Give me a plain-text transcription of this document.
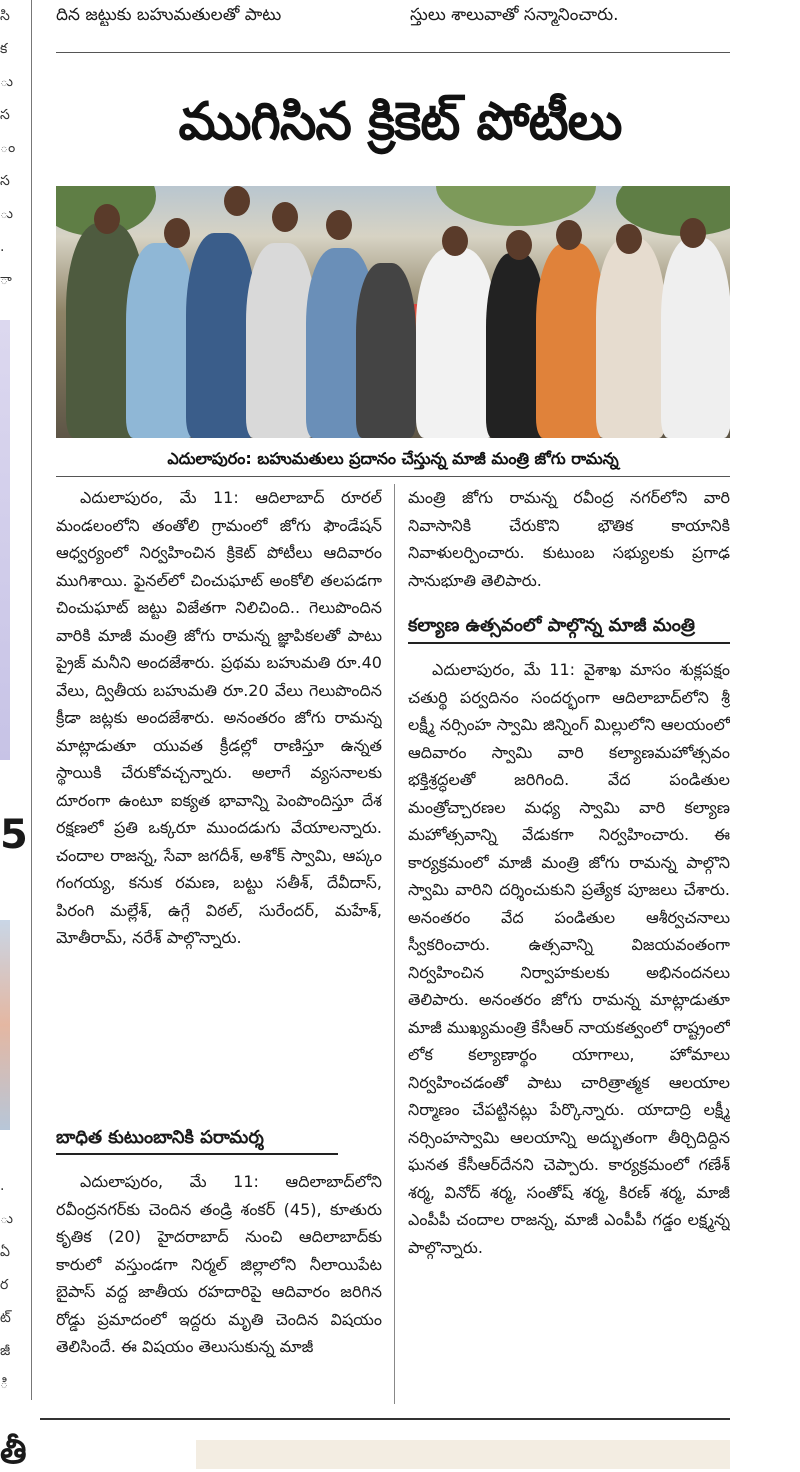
దిన జట్టుకు బహుమతులతో పాటు	స్తులు శాలువాతో సన్మానించారు.
సి
క
ు
స
ం
స
ు
.
ా
5
.
ు
ఏ
ర
ట్
జీ
ి
ముగిసిన క్రికెట్ పోటీలు
ఎదులాపురం: బహుమతులు ప్రదానం చేస్తున్న మాజీ మంత్రి జోగు రామన్న

ఎదులాపురం, మే 11: ఆదిలాబాద్ రూరల్ మండలంలోని తంతోలి గ్రామంలో జోగు ఫౌండేషన్ ఆధ్వర్యంలో నిర్వహించిన క్రికెట్ పోటీలు ఆదివారం ముగిశాయి. ఫైనల్‌లో చించుఘాట్ అంకోలి తలపడగా చించుఘాట్ జట్టు విజేతగా నిలిచింది.. గెలుపొందిన వారికి మాజీ మంత్రి జోగు రామన్న జ్ఞాపికలతో పాటు ప్రైజ్ మనీని అందజేశారు. ప్రథమ బహుమతి రూ.40 వేలు, ద్వితీయ బహుమతి రూ.20 వేలు గెలుపొందిన క్రీడా జట్లకు అందజేశారు. అనంతరం జోగు రామన్న మాట్లాడుతూ యువత క్రీడల్లో రాణిస్తూ ఉన్నత స్థాయికి చేరుకోవచ్చన్నారు. అలాగే వ్యసనాలకు దూరంగా ఉంటూ ఐక్యత భావాన్ని పెంపొందిస్తూ దేశ రక్షణలో ప్రతి ఒక్కరూ ముందడుగు వేయాలన్నారు. చందాల రాజన్న, సేవా జగదీశ్, అశోక్ స్వామి, ఆప్కం గంగయ్య, కనుక రమణ, బట్టు సతీశ్, దేవీదాస్, పిరంగి మల్లేశ్, ఉగ్గే విఠల్, సురేందర్, మహేశ్, మోతీరామ్, నరేశ్ పాల్గొన్నారు.

బాధిత కుటుంబానికి పరామర్శ

ఎదులాపురం, మే 11: ఆదిలాబాద్‌లోని రవీంద్రనగర్‌కు చెందిన తండ్రి శంకర్ (45), కూతురు కృతిక (20) హైదరాబాద్ నుంచి ఆదిలాబాద్‌కు కారులో వస్తుండగా నిర్మల్ జిల్లాలోని నీలాయిపేట బైపాస్ వద్ద జాతీయ రహదారిపై ఆదివారం జరిగిన రోడ్డు ప్రమాదంలో ఇద్దరు మృతి చెందిన విషయం తెలిసిందే. ఈ విషయం తెలుసుకున్న మాజీ

మంత్రి జోగు రామన్న రవీంద్ర నగర్‌లోని వారి నివాసానికి చేరుకొని భౌతిక కాయానికి నివాళులర్పించారు. కుటుంబ సభ్యులకు ప్రగాఢ సానుభూతి తెలిపారు.

కల్యాణ ఉత్సవంలో పాల్గొన్న మాజీ మంత్రి

ఎదులాపురం, మే 11: వైశాఖ మాసం శుక్లపక్షం చతుర్థి పర్వదినం సందర్భంగా ఆదిలాబాద్‌లోని శ్రీ లక్ష్మీ నర్సింహ స్వామి జిన్నింగ్ మిల్లులోని ఆలయంలో ఆదివారం స్వామి వారి కల్యాణమహోత్సవం భక్తిశ్రద్ధలతో జరిగింది. వేద పండితుల మంత్రోచ్చారణల మధ్య స్వామి వారి కల్యాణ మహోత్సవాన్ని వేడుకగా నిర్వహించారు. ఈ కార్యక్రమంలో మాజీ మంత్రి జోగు రామన్న పాల్గొని స్వామి వారిని దర్శించుకుని ప్రత్యేక పూజలు చేశారు. అనంతరం వేద పండితుల ఆశీర్వచనాలు స్వీకరించారు. ఉత్సవాన్ని విజయవంతంగా నిర్వహించిన నిర్వాహకులకు అభినందనలు తెలిపారు. అనంతరం జోగు రామన్న మాట్లాడుతూ మాజీ ముఖ్యమంత్రి కేసీఆర్ నాయకత్వంలో రాష్ట్రంలో లోక కల్యాణార్థం యాగాలు, హోమాలు నిర్వహించడంతో పాటు చారిత్రాత్మక ఆలయాల నిర్మాణం చేపట్టినట్లు పేర్కొన్నారు. యాదాద్రి లక్ష్మీ నర్సింహస్వామి ఆలయాన్ని అద్భుతంగా తీర్చిదిద్దిన ఘనత కేసీఆర్‌దేనని చెప్పారు. కార్యక్రమంలో గణేశ్ శర్మ, వినోద్ శర్మ, సంతోష్ శర్మ, కిరణ్ శర్మ, మాజీ ఎంపీపీ చందాల రాజన్న, మాజీ ఎంపీపీ గడ్డం లక్ష్మన్న పాల్గొన్నారు.

తీ
